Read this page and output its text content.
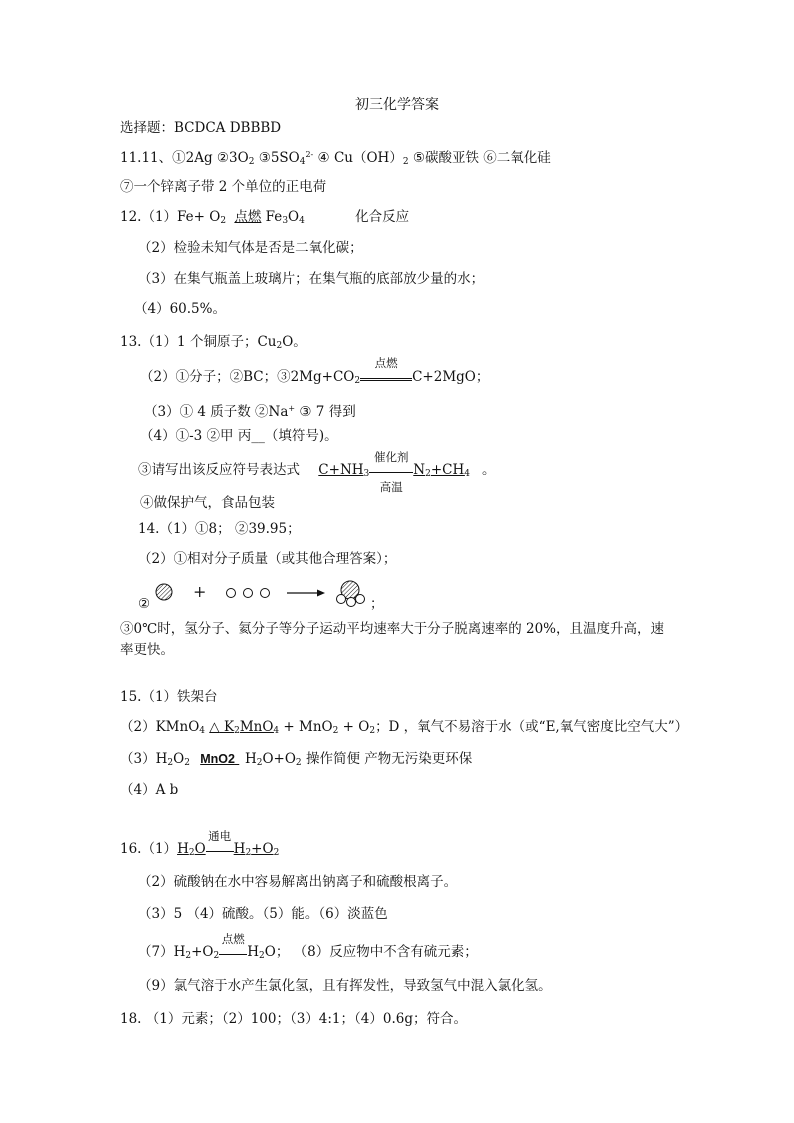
初三化学答案
选择题：BCDCA DBBBD
11.11、①2Ag $②3O_2$ $③5SO_4^{2-}$ ④ $Cu(OH)_2$ ⑤碳酸亚铁 ⑥二氧化硅
⑦一个锌离子带 2 个单位的正电荷
$12.(1)Fe+ O_2$ 点燃 $Fe_3O_4$	化合反应
（2）检验未知气体是否是二氧化碳；
（3）在集气瓶盖上玻璃片；在集气瓶的底部放少量的水；
（4）60.5%。
13.（1）1 个铜原子；$Cu_2O$。
（2）①分子；②BC；$③2Mg+CO_2$
点燃
C+2MgO；
（3）① 4 质子数 ②Na+ ③ 7 得到
（4）①-3 ②甲 丙__（填符号)。
③请写出该反应符号表达式 $C+NH_3$
催化剂
高温
$N_2+CH_4$ 。
④做保护气，食品包装
14.（1）①8； ②39.95；
（2）①相对分子质量（或其他合理答案）；
②
+
；
③0℃时，氢分子、氦分子等分子运动平均速率大于分子脱离速率的 20%，且温度升高，速
率更快。
15.（1）铁架台
（2）KMnO$_4$ △ $K_2MnO_4 + MnO_2 + O_2$；D ，氧气不易溶于水（或“E,氧气密度比空气大”）
$(3)H_2O_2$ MnO2 $H_2O+O_2$ 操作简便 产物无污染更环保
（4）A b
$16.(1)H_2O$
通电
$H_2+O_2$
（2）硫酸钠在水中容易解离出钠离子和硫酸根离子。
（3）5 （4）硫酸。（5）能。（6）淡蓝色
$(7)H_2+O_2$
点燃
$H_2O$； （8）反应物中不含有硫元素；
（9）氯气溶于水产生氯化氢，且有挥发性，导致氢气中混入氯化氢。
18. （1）元素；（2）100；（3）4:1；（4）0.6g；符合。
